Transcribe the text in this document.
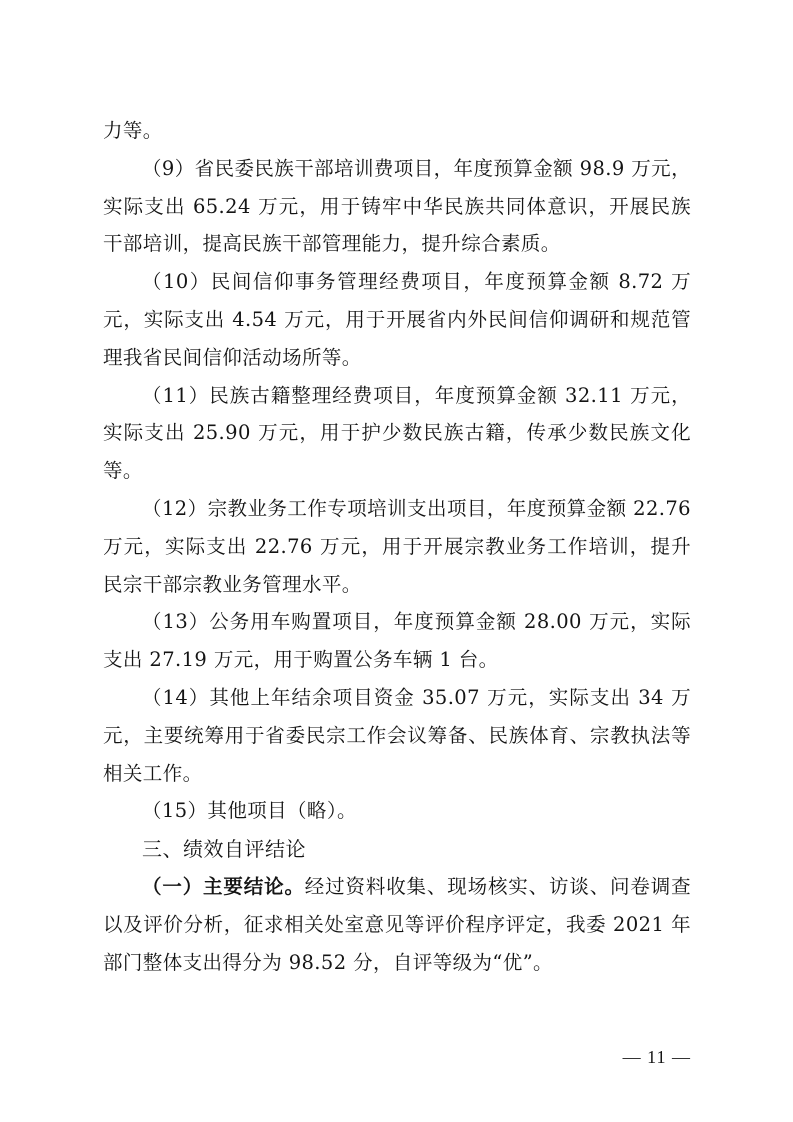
力等。

（9）省民委民族干部培训费项目，年度预算金额 98.9 万元，实际支出 65.24 万元，用于铸牢中华民族共同体意识，开展民族干部培训，提高民族干部管理能力，提升综合素质。

（10）民间信仰事务管理经费项目，年度预算金额 8.72 万元，实际支出 4.54 万元，用于开展省内外民间信仰调研和规范管理我省民间信仰活动场所等。

（11）民族古籍整理经费项目，年度预算金额 32.11 万元，实际支出 25.90 万元，用于护少数民族古籍，传承少数民族文化等。

（12）宗教业务工作专项培训支出项目，年度预算金额 22.76 万元，实际支出 22.76 万元，用于开展宗教业务工作培训，提升民宗干部宗教业务管理水平。

（13）公务用车购置项目，年度预算金额 28.00 万元，实际支出 27.19 万元，用于购置公务车辆 1 台。

（14）其他上年结余项目资金 35.07 万元，实际支出 34 万元，主要统筹用于省委民宗工作会议筹备、民族体育、宗教执法等相关工作。

（15）其他项目（略）。

三、绩效自评结论

（一）主要结论。经过资料收集、现场核实、访谈、问卷调查以及评价分析，征求相关处室意见等评价程序评定，我委 2021 年部门整体支出得分为 98.52 分，自评等级为“优”。

— 11 —
